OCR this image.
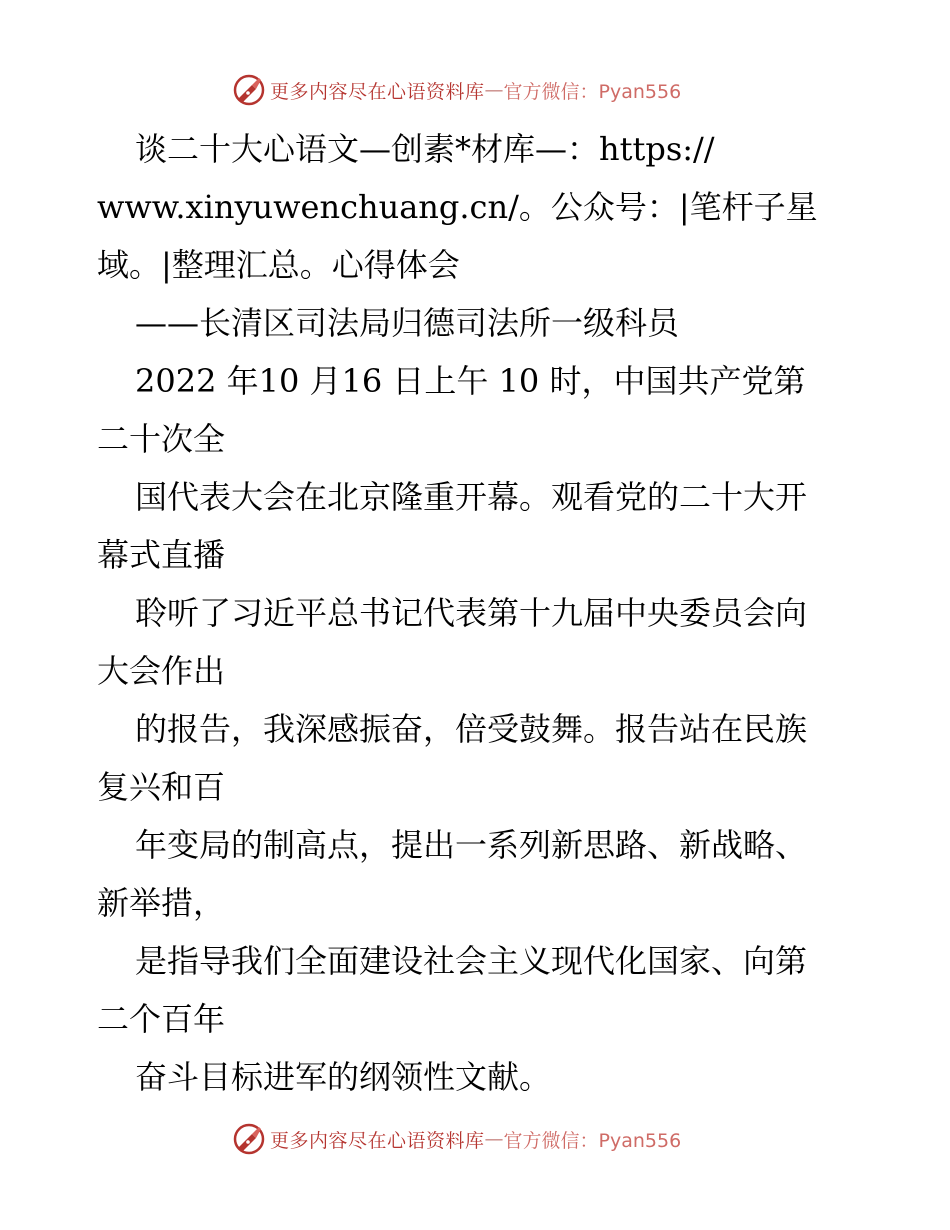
更多内容尽在心语资料库 — 官方微信：Pyan556
谈二十大心语文—创素*材库—：https://
www.xinyuwenchuang.cn/。公众号：|笔杆子星
域。|整理汇总。心得体会
——长清区司法局归德司法所一级科员
2022 年10 月16 日上午 10 时，中国共产党第
二十次全
国代表大会在北京隆重开幕。观看党的二十大开
幕式直播
聆听了习近平总书记代表第十九届中央委员会向
大会作出
的报告，我深感振奋，倍受鼓舞。报告站在民族
复兴和百
年变局的制高点，提出一系列新思路、新战略、
新举措，
是指导我们全面建设社会主义现代化国家、向第
二个百年
奋斗目标进军的纲领性文献。
更多内容尽在心语资料库 — 官方微信：Pyan556
